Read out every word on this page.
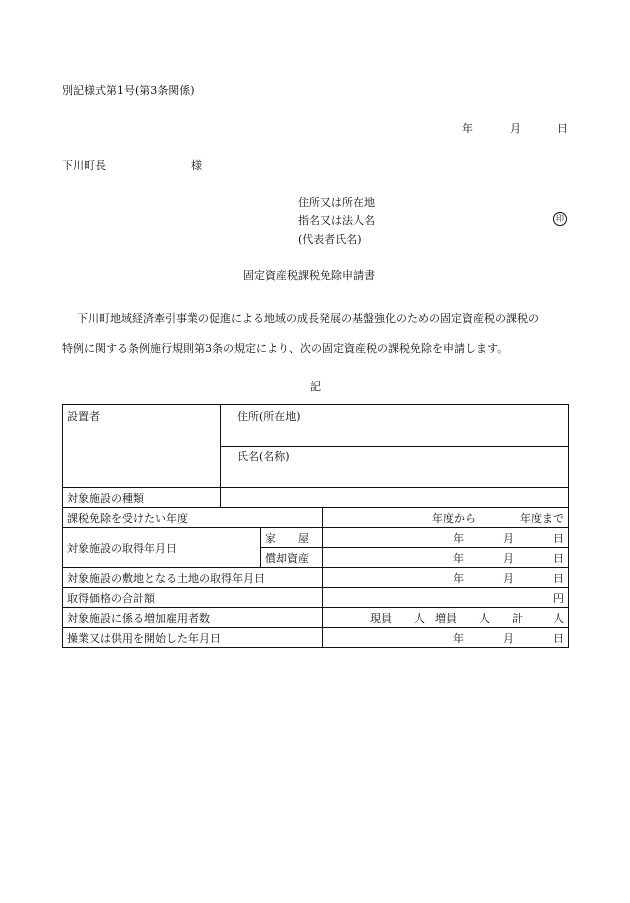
別記様式第1号(第3条関係)
年	月	日
下川町長	様
住所又は所在地
指名又は法人名	印
(代表者氏名)
固定資産税課税免除申請書
下川町地域経済牽引事業の促進による地域の成長発展の基盤強化のための固定資産税の課税の
特例に関する条例施行規則第3条の規定により、次の固定資産税の課税免除を申請します。
記
設置者	住所(所在地)		
	氏名(名称)		
対象施設の種類			
課税免除を受けたい年度			年度から 年度まで
対象施設の取得年月日		家　　屋	年 月 日
		償却資産	年 月 日
対象施設の敷地となる土地の取得年月日			年 月 日
取得価格の合計額			円
対象施設に係る増加雇用者数			現員 人 増員 人 計 人
操業又は供用を開始した年月日			年 月 日
